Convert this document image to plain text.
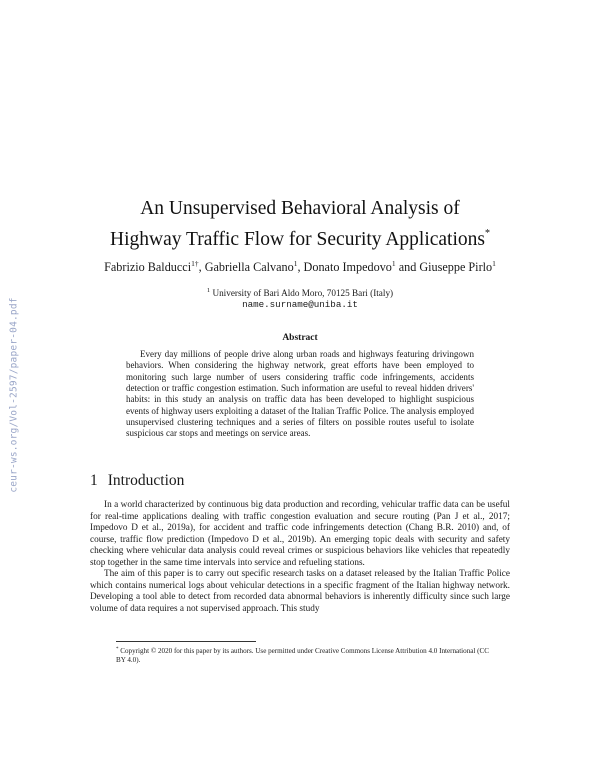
ceur-ws.org/Vol-2597/paper-04.pdf
An Unsupervised Behavioral Analysis of
Highway Traffic Flow for Security Applications*
Fabrizio Balducci$^{1\dagger}$, Gabriella Calvano$^1$, Donato Impedovo$^1$ and Giuseppe Pirlo$^1$
$^1$ University of Bari Aldo Moro, 70125 Bari (Italy)
name.surname@uniba.it
Abstract
Every day millions of people drive along urban roads and highways featuring drivingown behaviors. When considering the highway network, great efforts have been employed to monitoring such large number of users considering traffic code infringements, accidents detection or traffic congestion estimation. Such information are useful to reveal hidden drivers' habits: in this study an analysis on traffic data has been developed to highlight suspicious events of highway users exploiting a dataset of the Italian Traffic Police. The analysis employed unsupervised clustering techniques and a series of filters on possible routes useful to isolate suspicious car stops and meetings on service areas.
1 Introduction

In a world characterized by continuous big data production and recording, vehicular traffic data can be useful for real-time applications dealing with traffic congestion evaluation and secure routing (Pan J et al., 2017; Impedovo D et al., 2019a), for accident and traffic code infringements detection (Chang B.R. 2010) and, of course, traffic flow prediction (Impedovo D et al., 2019b). An emerging topic deals with security and safety checking where vehicular data analysis could reveal crimes or suspicious behaviors like vehicles that repeatedly stop together in the same time intervals into service and refueling stations.

The aim of this paper is to carry out specific research tasks on a dataset released by the Italian Traffic Police which contains numerical logs about vehicular detections in a specific fragment of the Italian highway network. Developing a tool able to detect from recorded data abnormal behaviors is inherently difficulty since such large volume of data requires a not supervised approach. This study

* Copyright © 2020 for this paper by its authors. Use permitted under Creative Commons License Attribution 4.0 International (CC BY 4.0).
